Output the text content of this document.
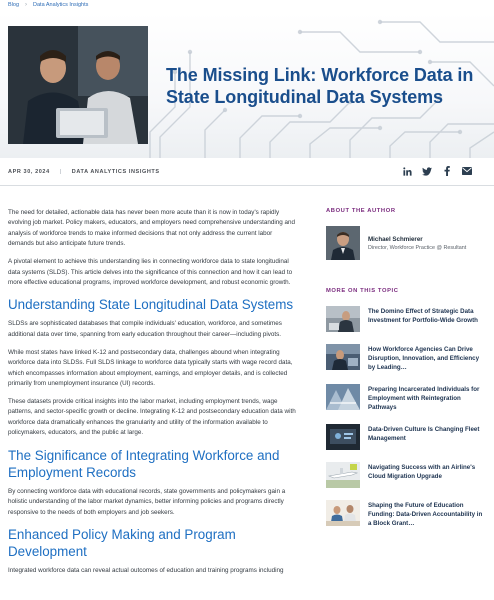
Blog › Data Analytics Insights
The Missing Link: Workforce Data in State Longitudinal Data Systems
APR 30, 2024 | DATA ANALYTICS INSIGHTS

The need for detailed, actionable data has never been more acute than it is now in today's rapidly evolving job market. Policy makers, educators, and employers need comprehensive understanding and analysis of workforce trends to make informed decisions that not only address the current labor demands but also anticipate future trends.

A pivotal element to achieve this understanding lies in connecting workforce data to state longitudinal data systems (SLDS). This article delves into the significance of this connection and how it can lead to more effective educational programs, improved workforce development, and robust economic growth.

Understanding State Longitudinal Data Systems

SLDSs are sophisticated databases that compile individuals' education, workforce, and sometimes additional data over time, spanning from early education throughout their career—including pivots.

While most states have linked K-12 and postsecondary data, challenges abound when integrating workforce data into SLDSs. Full SLDS linkage to workforce data typically starts with wage record data, which encompasses information about employment, earnings, and employer details, and is collected primarily from unemployment insurance (UI) records.

These datasets provide critical insights into the labor market, including employment trends, wage patterns, and sector-specific growth or decline. Integrating K-12 and postsecondary education data with workforce data dramatically enhances the granularity and utility of the information available to policymakers, educators, and the public at large.

The Significance of Integrating Workforce and Employment Records

By connecting workforce data with educational records, state governments and policymakers gain a holistic understanding of the labor market dynamics, better informing policies and programs directly responsive to the needs of both employers and job seekers.

Enhanced Policy Making and Program Development

Integrated workforce data can reveal actual outcomes of education and training programs including

ABOUT THE AUTHOR
Michael Schmierer
Director, Workforce Practice @ Resultant
MORE ON THIS TOPIC
The Domino Effect of Strategic Data Investment for Portfolio-Wide Growth
How Workforce Agencies Can Drive Disruption, Innovation, and Efficiency by Leading…
Preparing Incarcerated Individuals for Employment with Reintegration Pathways
Data-Driven Culture Is Changing Fleet Management
Navigating Success with an Airline's Cloud Migration Upgrade
Shaping the Future of Education Funding: Data-Driven Accountability in a Block Grant…
